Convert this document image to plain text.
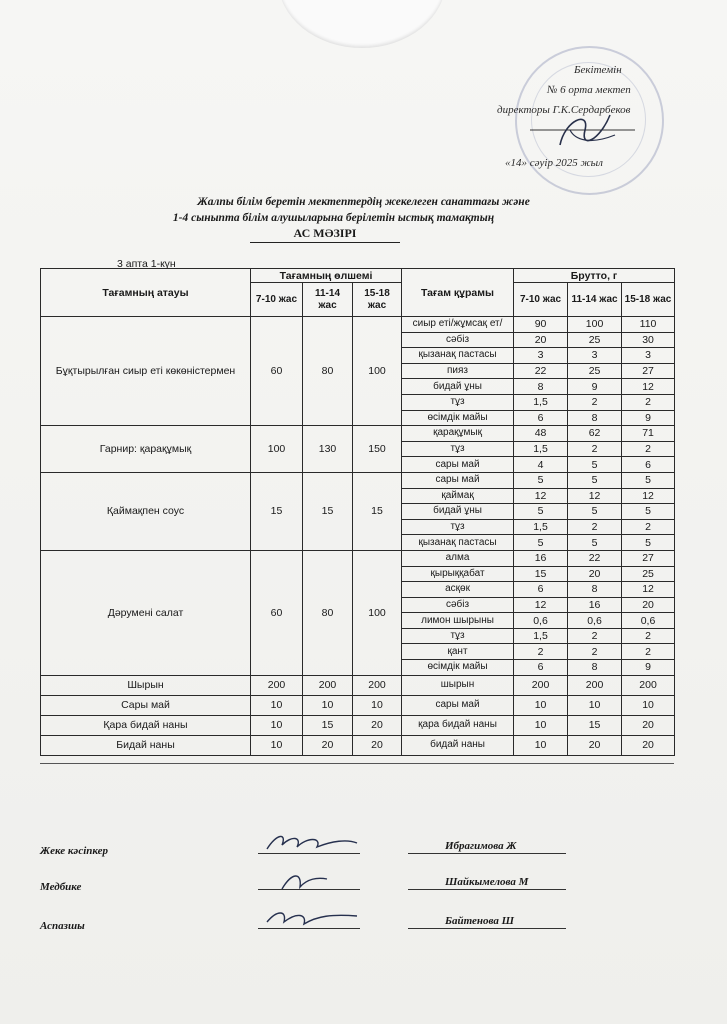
Бекітемін
№ 6 орта мектеп
директоры Г.К.Сердарбеков
«14» сәуір 2025 жыл
Жалпы білім беретін мектептердің жекелеген санаттағы және
1-4 сыныпта білім алушыларына берілетін ыстық тамақтың
АС МӘЗІРІ
3 апта 1-күн
Тағамның атауы	Тағамның өлшемі			Тағам құрамы	Брутто, г		
	7-10 жас	11-14 жас	15-18 жас		7-10 жас	11-14 жас	15-18 жас
Бұқтырылған сиыр еті көкөністермен	60	80	100	сиыр еті/жұмсақ ет/	90	100	110
				сәбіз	20	25	30
				қызанақ пастасы	3	3	3
				пияз	22	25	27
				бидай ұны	8	9	12
				тұз	1,5	2	2
				өсімдік майы	6	8	9
Гарнир: қарақұмық	100	130	150	қарақұмық	48	62	71
				тұз	1,5	2	2
				сары май	4	5	6
Қаймақпен соус	15	15	15	сары май	5	5	5
				қаймақ	12	12	12
				бидай ұны	5	5	5
				тұз	1,5	2	2
				қызанақ пастасы	5	5	5
Дәрумені салат	60	80	100	алма	16	22	27
				қырыққабат	15	20	25
				асқөк	6	8	12
				сәбіз	12	16	20
				лимон шырыны	0,6	0,6	0,6
				тұз	1,5	2	2
				қант	2	2	2
				өсімдік майы	6	8	9
Шырын	200	200	200	шырын	200	200	200
Сары май	10	10	10	сары май	10	10	10
Қара бидай наны	10	15	20	қара бидай наны	10	15	20
Бидай наны	10	20	20	бидай наны	10	20	20
Жеке кәсіпкер	Ибрагимова Ж
Медбике	Шайкымелова М
Аспазшы	Байтенова Ш
